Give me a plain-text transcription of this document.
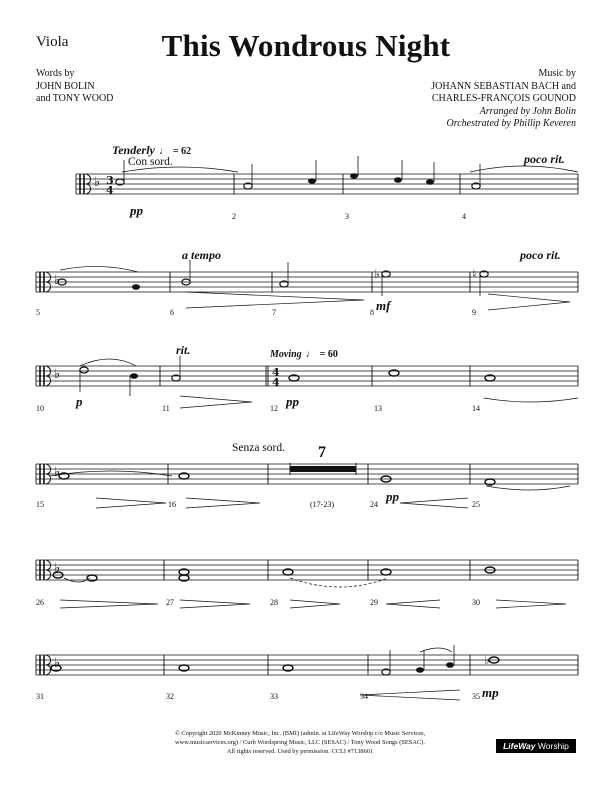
Viola	This Wondrous Night
Words by
JOHN BOLIN
and TONY WOOD
Music by
JOHANN SEBASTIAN BACH and
CHARLES-FRANÇOIS GOUNOD
Arranged by John Bolin
Orchestrated by Phillip Keveren
♭ 3
4
♭
♭	4
4
♭
♭
♭
♭	♮
♭
Tenderly ♩ = 62
Con sord.	poco rit.
a tempo	poco rit.
rit.	Moving ♩ = 60
Senza sord. 7
(17-23)
pp
mf
p	pp
pp
mp
2	3	4
5	6	7	8	9
10	11	12	13	14
15	16	24	25
26	27	28	29	30
31	32	33	34	35
© Copyright 2020 McKinney Music, Inc. (BMI) (admin. at LifeWay Worship c/o Music Services,
www.musicservices.org) / Curb Wordspring Music, LLC (SESAC) / Tony Wood Songs (SESAC).
All rights reserved. Used by permission. CCLI #7138661
LifeWay Worship
